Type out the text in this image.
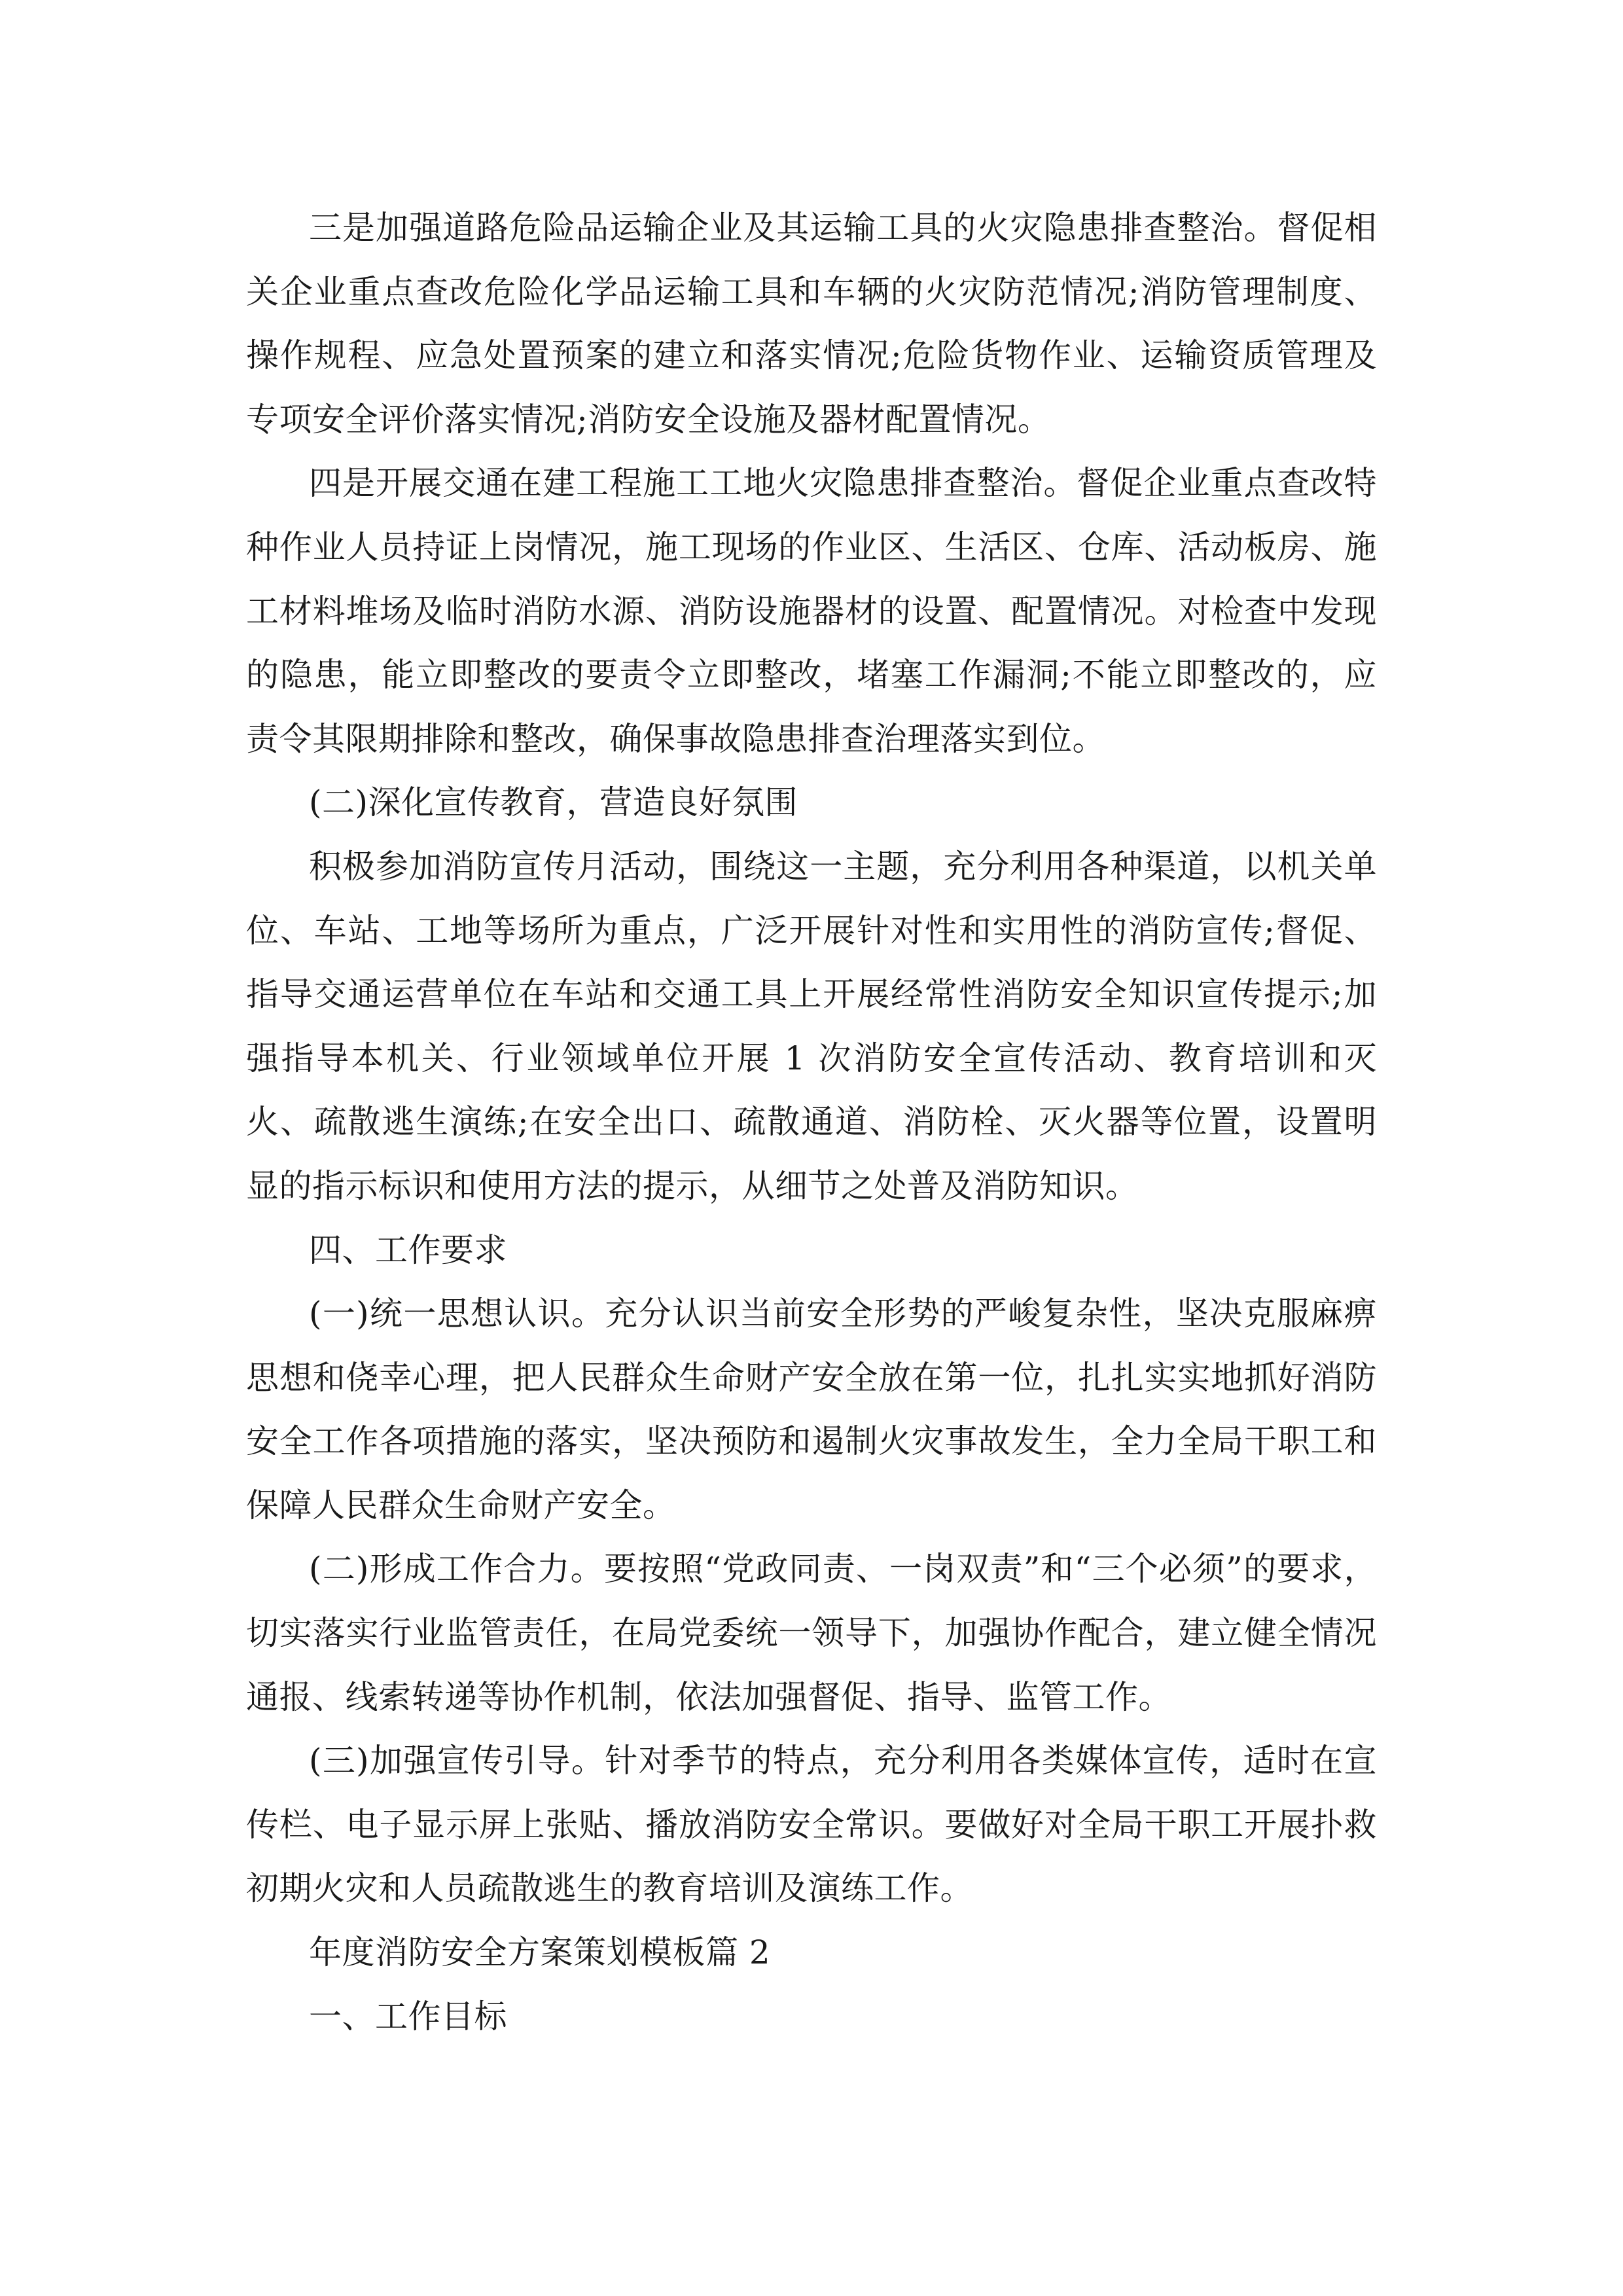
三是加强道路危险品运输企业及其运输工具的火灾隐患排查整治。督促相关企业重点查改危险化学品运输工具和车辆的火灾防范情况;消防管理制度、操作规程、应急处置预案的建立和落实情况;危险货物作业、运输资质管理及专项安全评价落实情况;消防安全设施及器材配置情况。

四是开展交通在建工程施工工地火灾隐患排查整治。督促企业重点查改特种作业人员持证上岗情况，施工现场的作业区、生活区、仓库、活动板房、施工材料堆场及临时消防水源、消防设施器材的设置、配置情况。对检查中发现的隐患，能立即整改的要责令立即整改，堵塞工作漏洞;不能立即整改的，应责令其限期排除和整改，确保事故隐患排查治理落实到位。

(二)深化宣传教育，营造良好氛围

积极参加消防宣传月活动，围绕这一主题，充分利用各种渠道，以机关单位、车站、工地等场所为重点，广泛开展针对性和实用性的消防宣传;督促、指导交通运营单位在车站和交通工具上开展经常性消防安全知识宣传提示;加强指导本机关、行业领域单位开展 1 次消防安全宣传活动、教育培训和灭火、疏散逃生演练;在安全出口、疏散通道、消防栓、灭火器等位置，设置明显的指示标识和使用方法的提示，从细节之处普及消防知识。

四、工作要求

(一)统一思想认识。充分认识当前安全形势的严峻复杂性，坚决克服麻痹思想和侥幸心理，把人民群众生命财产安全放在第一位，扎扎实实地抓好消防安全工作各项措施的落实，坚决预防和遏制火灾事故发生，全力全局干职工和保障人民群众生命财产安全。

(二)形成工作合力。要按照“党政同责、一岗双责”和“三个必须”的要求，切实落实行业监管责任，在局党委统一领导下，加强协作配合，建立健全情况通报、线索转递等协作机制，依法加强督促、指导、监管工作。

(三)加强宣传引导。针对季节的特点，充分利用各类媒体宣传，适时在宣传栏、电子显示屏上张贴、播放消防安全常识。要做好对全局干职工开展扑救初期火灾和人员疏散逃生的教育培训及演练工作。

年度消防安全方案策划模板篇 2

一、工作目标
